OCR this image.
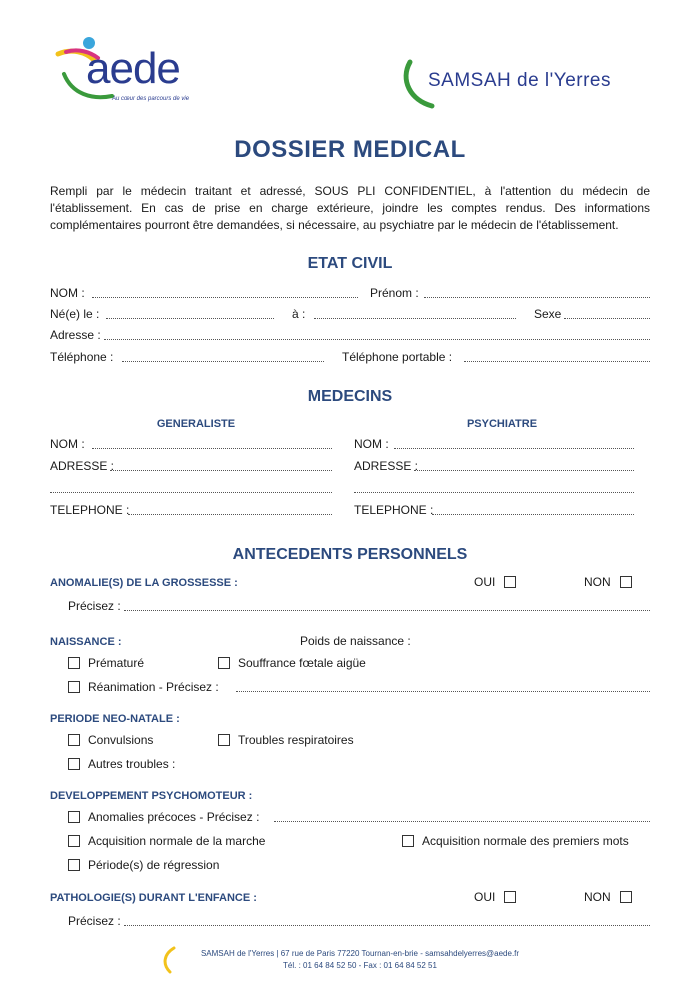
aede
Au cœur des parcours de vie
SAMSAH de l'Yerres
DOSSIER MEDICAL
Rempli par le médecin traitant et adressé, SOUS PLI CONFIDENTIEL, à l'attention du médecin de l'établissement. En cas de prise en charge extérieure, joindre les comptes rendus. Des informations complémentaires pourront être demandées, si nécessaire, au psychiatre par le médecin de l'établissement.
ETAT CIVIL
NOM :	Prénom :
Né(e) le :	à :	Sexe
Adresse :
Téléphone :	Téléphone portable :
MEDECINS
GENERALISTE	PSYCHIATRE
NOM :	NOM :
ADRESSE :	ADRESSE :
TELEPHONE :	TELEPHONE :
ANTECEDENTS PERSONNELS
ANOMALIE(S) DE LA GROSSESSE :	OUI	NON
Précisez :
NAISSANCE :	Poids de naissance :
Prématuré	Souffrance fœtale aigüe
Réanimation - Précisez :
PERIODE NEO-NATALE :
Convulsions	Troubles respiratoires
Autres troubles :
DEVELOPPEMENT PSYCHOMOTEUR :
Anomalies précoces - Précisez :
Acquisition normale de la marche	Acquisition normale des premiers mots
Période(s) de régression
PATHOLOGIE(S) DURANT L'ENFANCE :	OUI	NON
Précisez :
SAMSAH de l'Yerres | 67 rue de Paris 77220 Tournan-en-brie - samsahdelyerres@aede.fr
Tél. : 01 64 84 52 50 - Fax : 01 64 84 52 51
